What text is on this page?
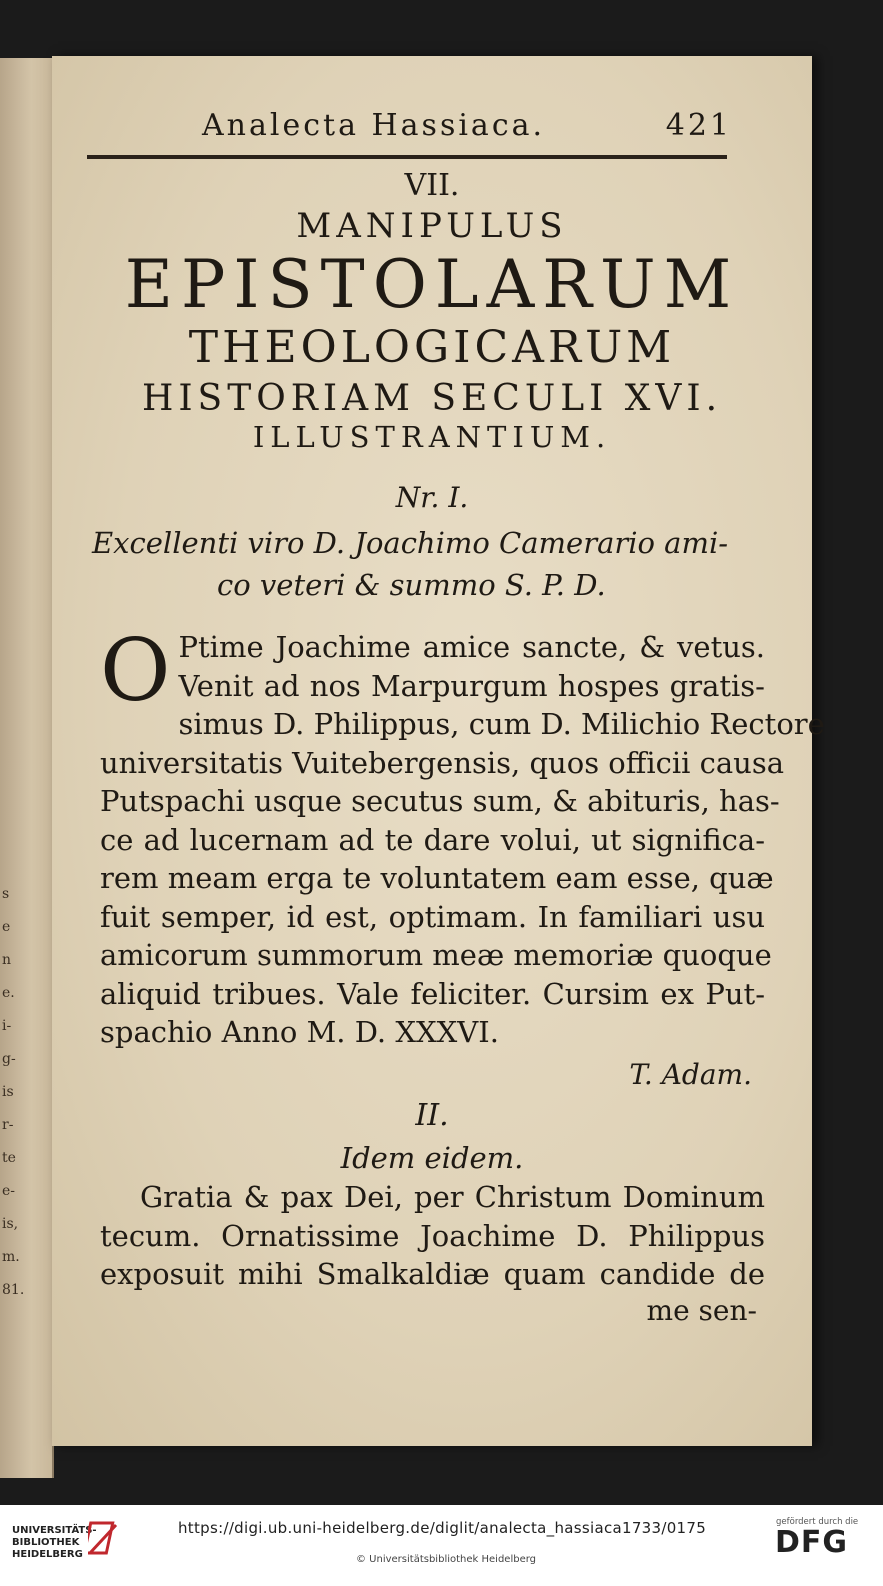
s
e
n
e.
i-
g-
is
r-
te
e-
is,
m.
81.
Analecta Hassiaca.	421
VII.
MANIPULUS
EPISTOLARUM
THEOLOGICARUM
HISTORIAM SECULI XVI.
ILLUSTRANTIUM.
Nr. I.
Excellenti viro D. Joachimo Camerario ami-
co veteri & summo S. P. D.
O Ptime Joachime amice sancte, & vetus.
Venit ad nos Marpurgum hospes gratis-
simus D. Philippus, cum D. Milichio Rectore
universitatis Vuitebergensis, quos officii causa
Putspachi usque secutus sum, & abituris, has-
ce ad lucernam ad te dare volui, ut significa-
rem meam erga te voluntatem eam esse, quæ
fuit semper, id est, optimam. In familiari usu
amicorum summorum meæ memoriæ quoque
aliquid tribues. Vale feliciter. Cursim ex Put-
spachio Anno M. D. XXXVI.
T. Adam.
II.
Idem eidem.
Gratia & pax Dei, per Christum Dominum
tecum. Ornatissime Joachime D. Philippus
exposuit mihi Smalkaldiæ quam candide de
me sen-
UNIVERSITÄTS-
BIBLIOTHEK
HEIDELBERG
https://digi.ub.uni-heidelberg.de/diglit/analecta_hassiaca1733/0175
© Universitätsbibliothek Heidelberg
gefördert durch die
DFG
